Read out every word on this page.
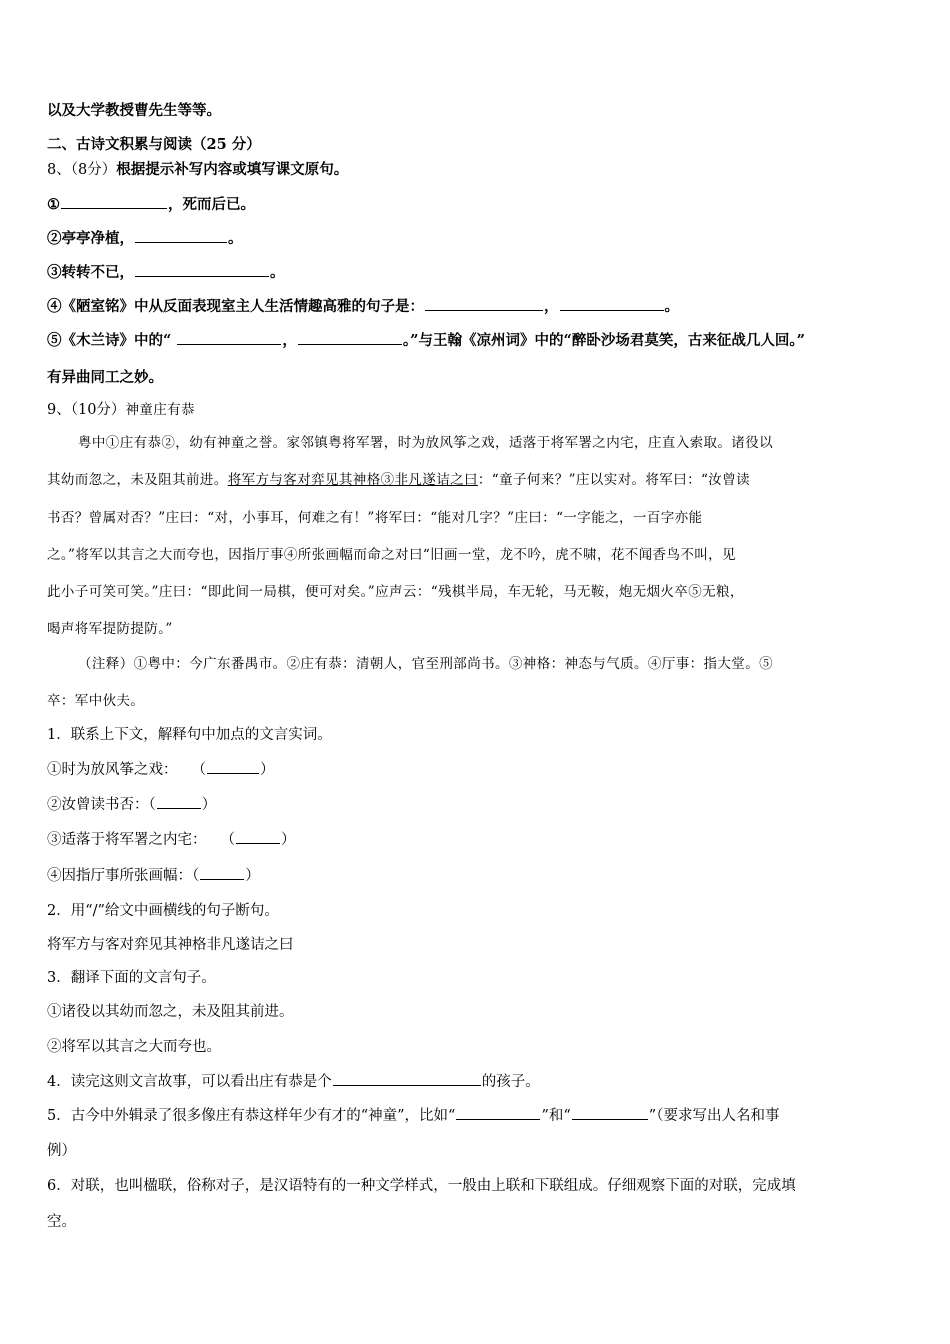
以及大学教授曹先生等等。
二、古诗文积累与阅读（25 分）
8、（8分）根据提示补写内容或填写课文原句。
①	，死而后已。
②亭亭净植，	。
③转转不已，	。
④《陋室铭》中从反面表现室主人生活情趣高雅的句子是：	，	。
⑤《木兰诗》中的“	，	。”与王翰《凉州词》中的“醉卧沙场君莫笑，古来征战几人回。”
有异曲同工之妙。
9、（10分）神童庄有恭
粤中①庄有恭②，幼有神童之誉。家邻镇粤将军署，时为放风筝之戏，适落于将军署之内宅，庄直入索取。诸役以
其幼而忽之，未及阻其前进。将军方与客对弈见其神格③非凡遂诘之曰：“童子何来？”庄以实对。将军曰：“汝曾读
书否？曾属对否？”庄曰：“对，小事耳，何难之有！”将军曰：“能对几字？”庄曰：“一字能之，一百字亦能
之。”将军以其言之大而夸也，因指厅事④所张画幅而命之对曰“旧画一堂，龙不吟，虎不啸，花不闻香鸟不叫，见
此小子可笑可笑。”庄曰：“即此间一局棋，便可对矣。”应声云：“残棋半局，车无轮，马无鞍，炮无烟火卒⑤无粮，
喝声将军提防提防。”
（注释）①粤中：今广东番禺市。②庄有恭：清朝人，官至刑部尚书。③神格：神态与气质。④厅事：指大堂。⑤
卒：军中伙夫。
1．联系上下文，解释句中加点的文言实词。
①时为放风筝之戏： （	）
②汝曾读书否：（	）
③适落于将军署之内宅： （	）
④因指厅事所张画幅：（	）
2．用“/”给文中画横线的句子断句。
将军方与客对弈见其神格非凡遂诘之曰
3．翻译下面的文言句子。
①诸役以其幼而忽之，未及阻其前进。
②将军以其言之大而夸也。
4．读完这则文言故事，可以看出庄有恭是个	的孩子。
5．古今中外辑录了很多像庄有恭这样年少有才的“神童”，比如“	”和“	”（要求写出人名和事
例）
6．对联，也叫楹联，俗称对子，是汉语特有的一种文学样式，一般由上联和下联组成。仔细观察下面的对联，完成填
空。
